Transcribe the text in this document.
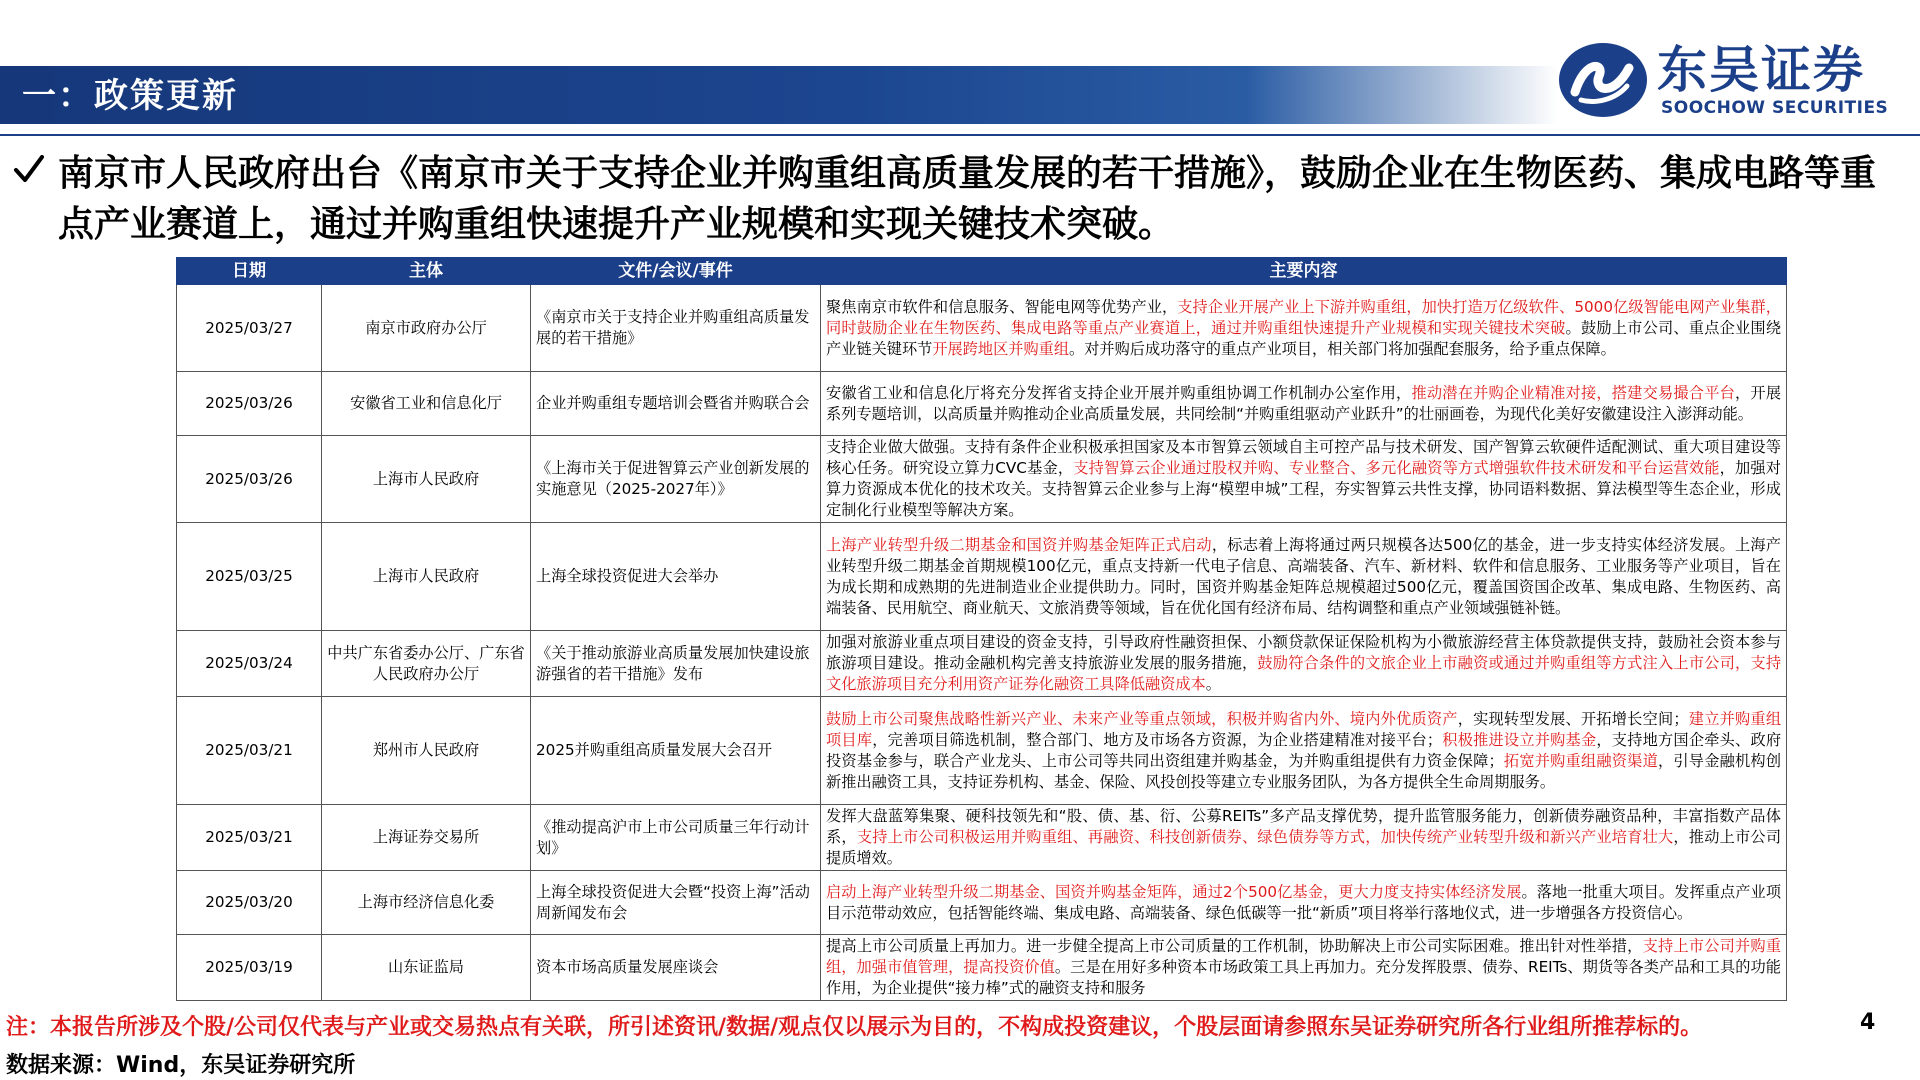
一：政策更新	东吴证券
SOOCHOW SECURITIES
南京市人民政府出台《南京市关于支持企业并购重组高质量发展的若干措施》，鼓励企业在生物医药、集成电路等重点产业赛道上，通过并购重组快速提升产业规模和实现关键技术突破。
日期	主体	文件/会议/事件	主要内容
2025/03/27	南京市政府办公厅	《南京市关于支持企业并购重组高质量发展的若干措施》	聚焦南京市软件和信息服务、智能电网等优势产业，支持企业开展产业上下游并购重组，加快打造万亿级软件、5000亿级智能电网产业集群，同时鼓励企业在生物医药、集成电路等重点产业赛道上，通过并购重组快速提升产业规模和实现关键技术突破。鼓励上市公司、重点企业围绕产业链关键环节开展跨地区并购重组。对并购后成功落守的重点产业项目，相关部门将加强配套服务，给予重点保障。
2025/03/26	安徽省工业和信息化厅	企业并购重组专题培训会暨省并购联合会	安徽省工业和信息化厅将充分发挥省支持企业开展并购重组协调工作机制办公室作用，推动潜在并购企业精准对接，搭建交易撮合平台，开展系列专题培训，以高质量并购推动企业高质量发展，共同绘制“并购重组驱动产业跃升”的壮丽画卷，为现代化美好安徽建设注入澎湃动能。
2025/03/26	上海市人民政府	《上海市关于促进智算云产业创新发展的实施意见（2025-2027年）》	支持企业做大做强。支持有条件企业积极承担国家及本市智算云领域自主可控产品与技术研发、国产智算云软硬件适配测试、重大项目建设等核心任务。研究设立算力CVC基金，支持智算云企业通过股权并购、专业整合、多元化融资等方式增强软件技术研发和平台运营效能，加强对算力资源成本优化的技术攻关。支持智算云企业参与上海“模塑申城”工程，夯实智算云共性支撑，协同语料数据、算法模型等生态企业，形成定制化行业模型等解决方案。
2025/03/25	上海市人民政府	上海全球投资促进大会举办	上海产业转型升级二期基金和国资并购基金矩阵正式启动，标志着上海将通过两只规模各达500亿的基金，进一步支持实体经济发展。上海产业转型升级二期基金首期规模100亿元，重点支持新一代电子信息、高端装备、汽车、新材料、软件和信息服务、工业服务等产业项目，旨在为成长期和成熟期的先进制造业企业提供助力。同时，国资并购基金矩阵总规模超过500亿元，覆盖国资国企改革、集成电路、生物医药、高端装备、民用航空、商业航天、文旅消费等领域，旨在优化国有经济布局、结构调整和重点产业领域强链补链。
2025/03/24	中共广东省委办公厅、广东省人民政府办公厅	《关于推动旅游业高质量发展加快建设旅游强省的若干措施》发布	加强对旅游业重点项目建设的资金支持，引导政府性融资担保、小额贷款保证保险机构为小微旅游经营主体贷款提供支持，鼓励社会资本参与旅游项目建设。推动金融机构完善支持旅游业发展的服务措施，鼓励符合条件的文旅企业上市融资或通过并购重组等方式注入上市公司，支持文化旅游项目充分利用资产证券化融资工具降低融资成本。
2025/03/21	郑州市人民政府	2025并购重组高质量发展大会召开	鼓励上市公司聚焦战略性新兴产业、未来产业等重点领域，积极并购省内外、境内外优质资产，实现转型发展、开拓增长空间；建立并购重组项目库，完善项目筛选机制，整合部门、地方及市场各方资源，为企业搭建精准对接平台；积极推进设立并购基金，支持地方国企牵头、政府投资基金参与，联合产业龙头、上市公司等共同出资组建并购基金，为并购重组提供有力资金保障；拓宽并购重组融资渠道，引导金融机构创新推出融资工具，支持证券机构、基金、保险、风投创投等建立专业服务团队，为各方提供全生命周期服务。
2025/03/21	上海证券交易所	《推动提高沪市上市公司质量三年行动计划》	发挥大盘蓝筹集聚、硬科技领先和“股、债、基、衍、公募REITs”多产品支撑优势，提升监管服务能力，创新债券融资品种，丰富指数产品体系，支持上市公司积极运用并购重组、再融资、科技创新债券、绿色债券等方式，加快传统产业转型升级和新兴产业培育壮大，推动上市公司提质增效。
2025/03/20	上海市经济信息化委	上海全球投资促进大会暨“投资上海”活动周新闻发布会	启动上海产业转型升级二期基金、国资并购基金矩阵，通过2个500亿基金，更大力度支持实体经济发展。落地一批重大项目。发挥重点产业项目示范带动效应，包括智能终端、集成电路、高端装备、绿色低碳等一批“新质”项目将举行落地仪式，进一步增强各方投资信心。
2025/03/19	山东证监局	资本市场高质量发展座谈会	提高上市公司质量上再加力。进一步健全提高上市公司质量的工作机制，协助解决上市公司实际困难。推出针对性举措，支持上市公司并购重组，加强市值管理，提高投资价值。三是在用好多种资本市场政策工具上再加力。充分发挥股票、债券、REITs、期货等各类产品和工具的功能作用，为企业提供“接力棒”式的融资支持和服务
注：本报告所涉及个股/公司仅代表与产业或交易热点有关联，所引述资讯/数据/观点仅以展示为目的，不构成投资建议，个股层面请参照东吴证券研究所各行业组所推荐标的。	4
数据来源：Wind，东吴证券研究所
